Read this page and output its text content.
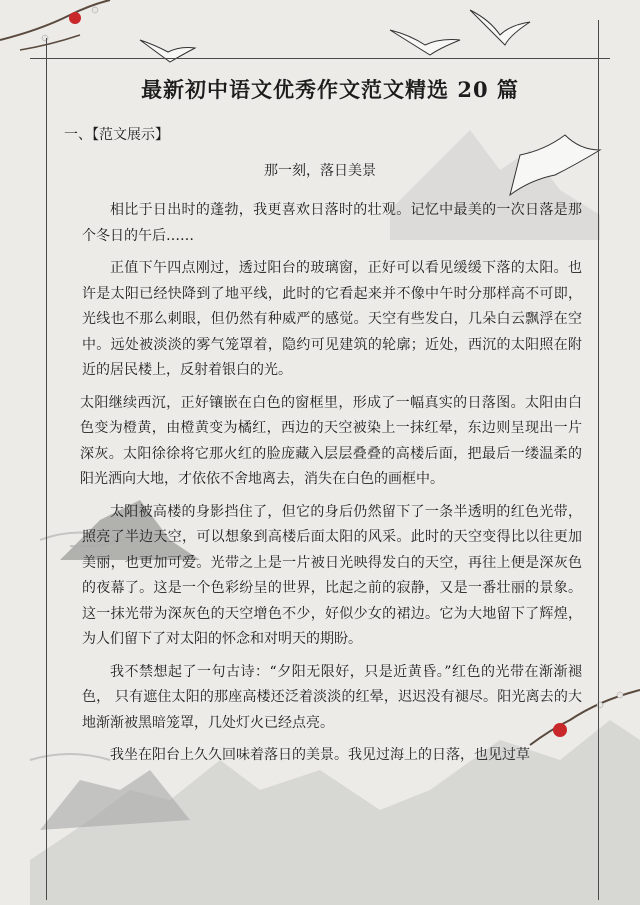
最新初中语文优秀作文范文精选 20 篇
一、【范文展示】
那一刻，落日美景

相比于日出时的蓬勃，我更喜欢日落时的壮观。记忆中最美的一次日落是那个冬日的午后……

正值下午四点刚过，透过阳台的玻璃窗，正好可以看见缓缓下落的太阳。也许是太阳已经快降到了地平线，此时的它看起来并不像中午时分那样高不可即，光线也不那么刺眼，但仍然有种威严的感觉。天空有些发白，几朵白云飘浮在空中。远处被淡淡的雾气笼罩着，隐约可见建筑的轮廓；近处，西沉的太阳照在附近的居民楼上，反射着银白的光。

太阳继续西沉，正好镶嵌在白色的窗框里，形成了一幅真实的日落图。太阳由白色变为橙黄，由橙黄变为橘红，西边的天空被染上一抹红晕，东边则呈现出一片深灰。太阳徐徐将它那火红的脸庞藏入层层叠叠的高楼后面，把最后一缕温柔的阳光洒向大地，才依依不舍地离去，消失在白色的画框中。

太阳被高楼的身影挡住了，但它的身后仍然留下了一条半透明的红色光带，照亮了半边天空，可以想象到高楼后面太阳的风采。此时的天空变得比以往更加美丽，也更加可爱。光带之上是一片被日光映得发白的天空，再往上便是深灰色的夜幕了。这是一个色彩纷呈的世界，比起之前的寂静，又是一番壮丽的景象。这一抹光带为深灰色的天空增色不少，好似少女的裙边。它为大地留下了辉煌，为人们留下了对太阳的怀念和对明天的期盼。

我不禁想起了一句古诗：“夕阳无限好，只是近黄昏。”红色的光带在渐渐褪色， 只有遮住太阳的那座高楼还泛着淡淡的红晕，迟迟没有褪尽。阳光离去的大地渐渐被黑暗笼罩，几处灯火已经点亮。

我坐在阳台上久久回味着落日的美景。我见过海上的日落，也见过草
